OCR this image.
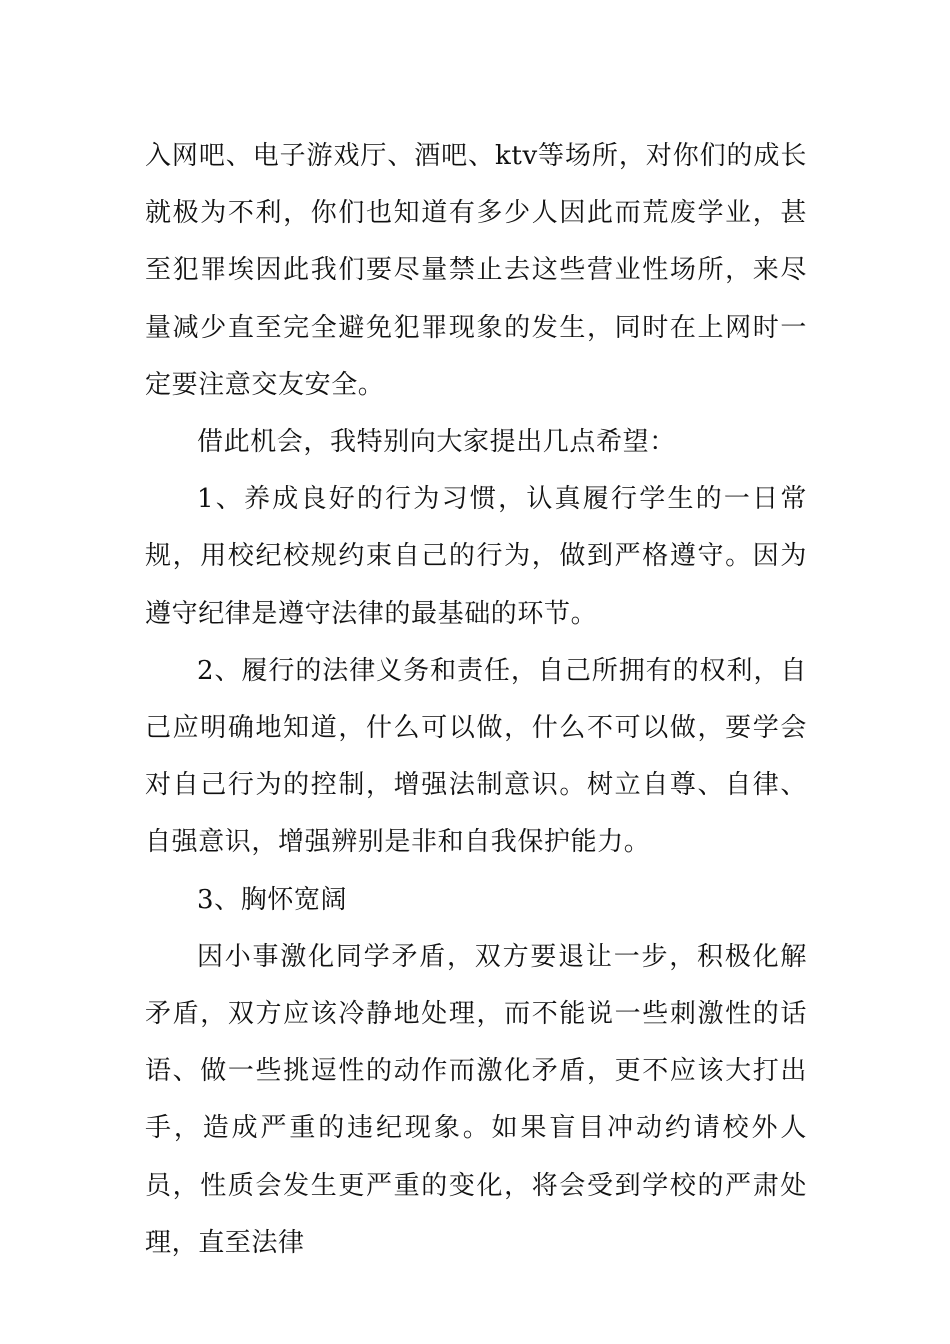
入网吧、电子游戏厅、酒吧、ktv等场所，对你们的成长就极为不利，你们也知道有多少人因此而荒废学业，甚至犯罪埃因此我们要尽量禁止去这些营业性场所，来尽量减少直至完全避免犯罪现象的发生，同时在上网时一定要注意交友安全。

借此机会，我特别向大家提出几点希望：

1、养成良好的行为习惯，认真履行学生的一日常规，用校纪校规约束自己的行为，做到严格遵守。因为遵守纪律是遵守法律的最基础的环节。

2、履行的法律义务和责任，自己所拥有的权利，自己应明确地知道，什么可以做，什么不可以做，要学会对自己行为的控制，增强法制意识。树立自尊、自律、自强意识，增强辨别是非和自我保护能力。

3、胸怀宽阔

因小事激化同学矛盾，双方要退让一步，积极化解矛盾，双方应该冷静地处理，而不能说一些刺激性的话语、做一些挑逗性的动作而激化矛盾，更不应该大打出手，造成严重的违纪现象。如果盲目冲动约请校外人员，性质会发生更严重的变化，将会受到学校的严肃处理，直至法律
